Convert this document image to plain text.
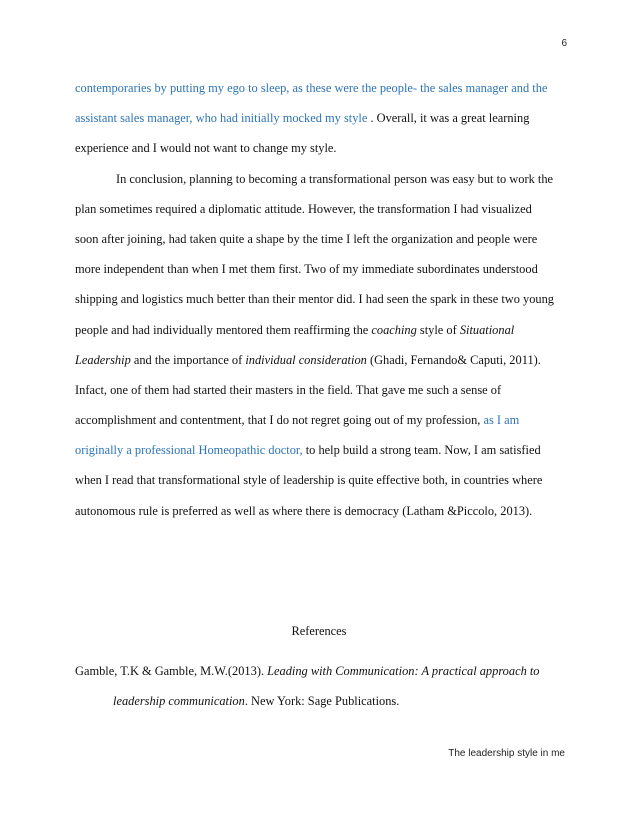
6
contemporaries by putting my ego to sleep, as these were the people- the sales manager and the
assistant sales manager, who had initially mocked my style . Overall, it was a great learning
experience and I would not want to change my style.
In conclusion, planning to becoming a transformational person was easy but to work the
plan sometimes required a diplomatic attitude. However, the transformation I had visualized
soon after joining, had taken quite a shape by the time I left the organization and people were
more independent than when I met them first. Two of my immediate subordinates understood
shipping and logistics much better than their mentor did. I had seen the spark in these two young
people and had individually mentored them reaffirming the coaching style of Situational
Leadership and the importance of individual consideration (Ghadi, Fernando& Caputi, 2011).
Infact, one of them had started their masters in the field. That gave me such a sense of
accomplishment and contentment, that I do not regret going out of my profession, as I am
originally a professional Homeopathic doctor, to help build a strong team. Now, I am satisfied
when I read that transformational style of leadership is quite effective both, in countries where
autonomous rule is preferred as well as where there is democracy (Latham &Piccolo, 2013).
References
Gamble, T.K & Gamble, M.W.(2013). Leading with Communication: A practical approach to
leadership communication. New York: Sage Publications.
The leadership style in me
